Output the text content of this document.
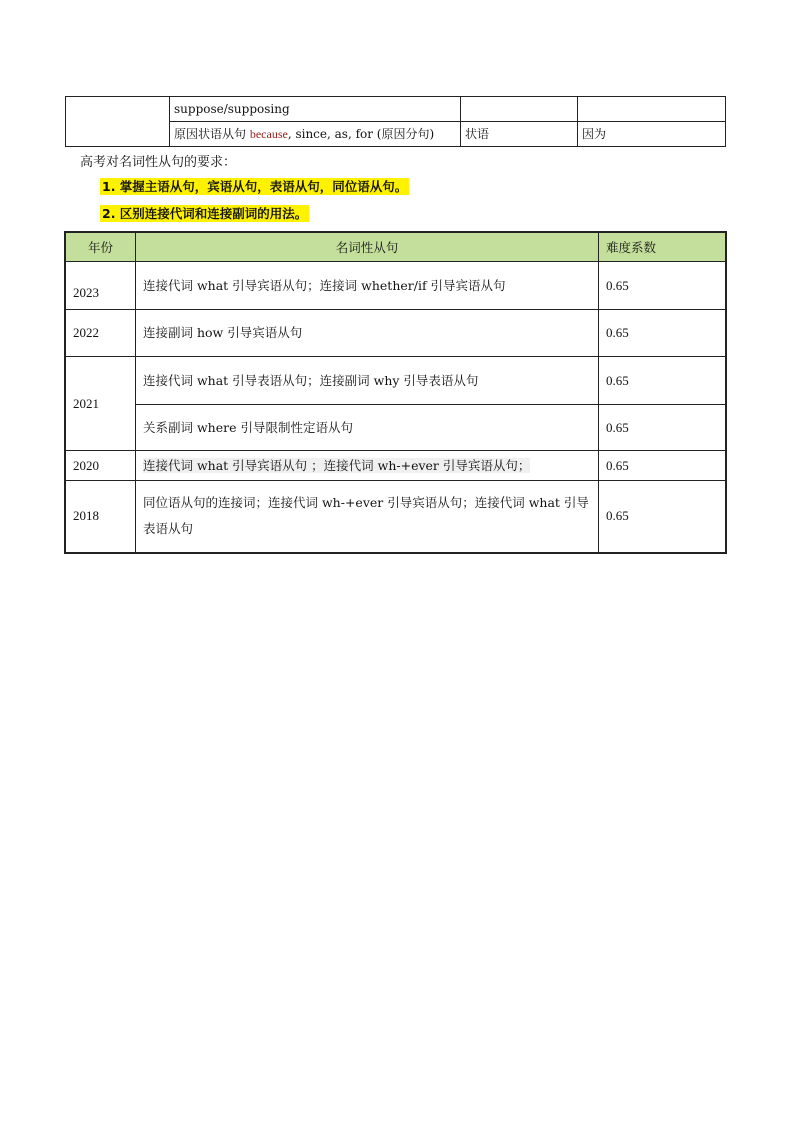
	suppose/supposing		
	原因状语从句 because, since, as, for (原因分句)	状语	因为
高考对名词性从句的要求：
1. 掌握主语从句，宾语从句，表语从句，同位语从句。
2. 区别连接代词和连接副词的用法。
年份	名词性从句	难度系数
2023	连接代词 what 引导宾语从句；连接词 whether/if 引导宾语从句	0.65
2022	连接副词 how 引导宾语从句	0.65
2021	连接代词 what 引导表语从句；连接副词 why 引导表语从句	0.65
	关系副词 where 引导限制性定语从句	0.65
2020	连接代词 what 引导宾语从句 ；连接代词 wh-+ever 引导宾语从句；	0.65
2018	同位语从句的连接词；连接代词 wh-+ever 引导宾语从句；连接代词 what 引导表语从句	0.65
